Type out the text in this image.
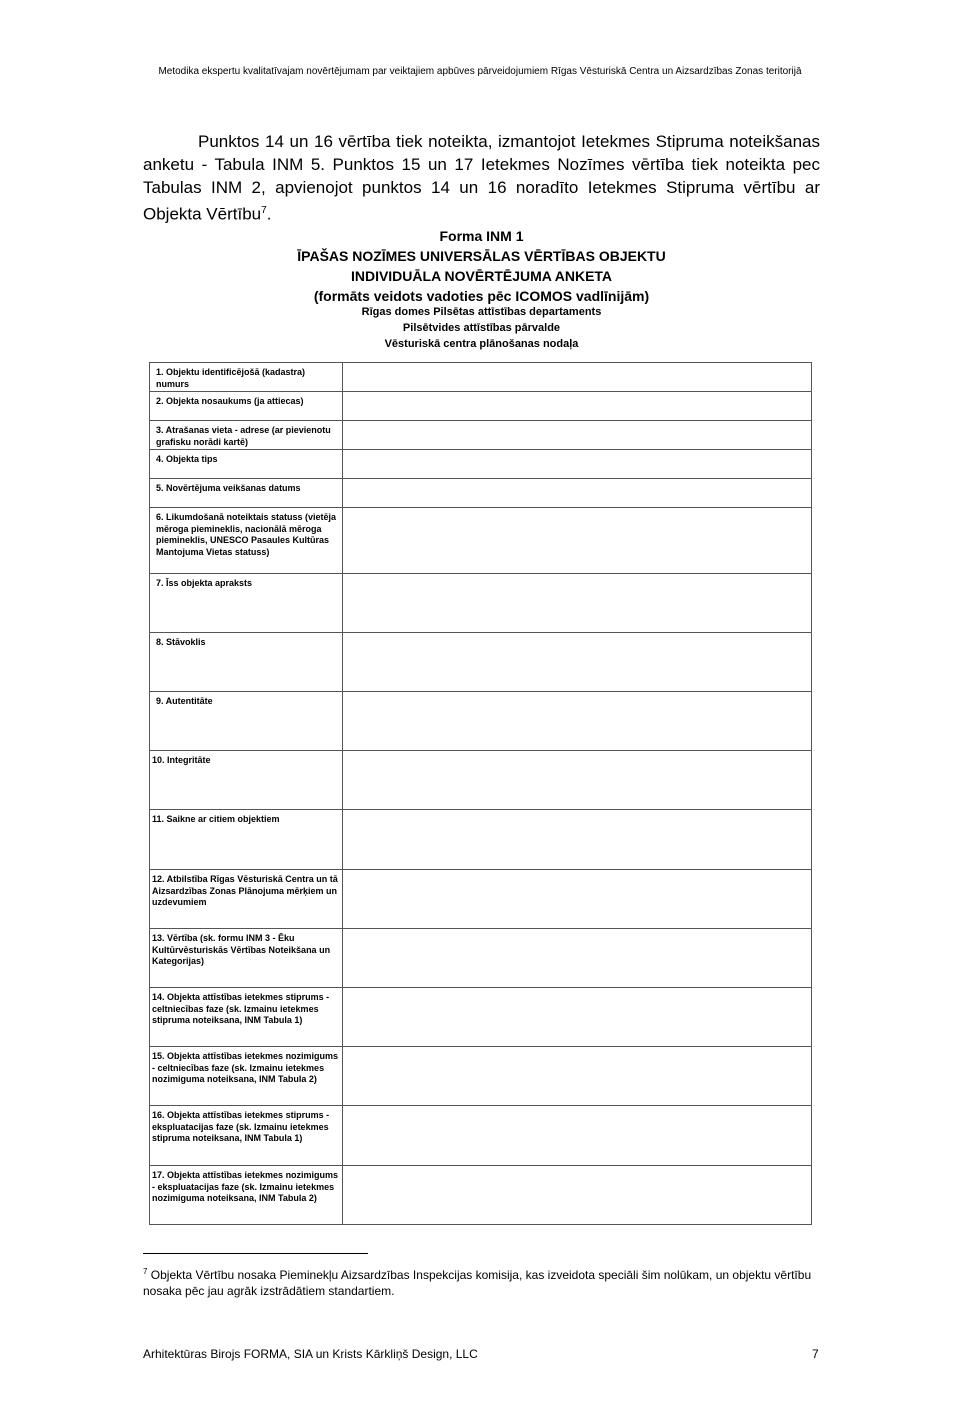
Metodika ekspertu kvalitatīvajam novērtējumam par veiktajiem apbūves pārveidojumiem Rīgas Vēsturiskā Centra un Aizsardzības Zonas teritorijā

Punktos 14 un 16 vērtība tiek noteikta, izmantojot Ietekmes Stipruma noteikšanas anketu - Tabula INM 5. Punktos 15 un 17 Ietekmes Nozīmes vērtība tiek noteikta pec Tabulas INM 2, apvienojot punktos 14 un 16 noradīto Ietekmes Stipruma vērtību ar Objekta Vērtību$^7$.

Forma INM 1
ĪPAŠAS NOZĪMES UNIVERSĀLAS VĒRTĪBAS OBJEKTU
INDIVIDUĀLA NOVĒRTĒJUMA ANKETA
(formāts veidots vadoties pēc ICOMOS vadlīnijām)
Rīgas domes Pilsētas attīstības departaments
Pilsētvides attīstības pārvalde
Vēsturiskā centra plānošanas nodaļa
1. Objektu identificējošā (kadastra) numurs	

2. Objekta nosaukums (ja attiecas)	

3. Atrašanas vieta - adrese (ar pievienotu grafisku norādi kartē)	

4. Objekta tips	

5. Novērtējuma veikšanas datums	

6. Likumdošanā noteiktais statuss (vietēja mēroga piemineklis, nacionālā mēroga piemineklis, UNESCO Pasaules Kultūras Mantojuma Vietas statuss)	

7. Īss objekta apraksts	

8. Stāvoklis	

9. Autentitāte	

10. Integritāte	

11. Saikne ar citiem objektiem	

12. Atbilstība Rīgas Vēsturiskā Centra un tā Aizsardzības Zonas Plānojuma mērķiem un uzdevumiem	

13. Vērtība (sk. formu INM 3 - Ēku Kultūrvēsturiskās Vērtības Noteikšana un Kategorijas)	

14. Objekta attīstības ietekmes stiprums - celtniecības faze (sk. Izmainu ietekmes stipruma noteiksana, INM Tabula 1)	

15. Objekta attīstības ietekmes nozimigums - celtniecības faze (sk. Izmainu ietekmes nozimiguma noteiksana, INM Tabula 2)	

16. Objekta attīstības ietekmes stiprums - ekspluatacijas faze (sk. Izmainu ietekmes stipruma noteiksana, INM Tabula 1)	

17. Objekta attīstības ietekmes nozimigums - ekspluatacijas faze (sk. Izmainu ietekmes nozimiguma noteiksana, INM Tabula 2)	

$^7$ Objekta Vērtību nosaka Pieminekļu Aizsardzības Inspekcijas komisija, kas izveidota speciāli šim nolūkam, un objektu vērtību nosaka pēc jau agrāk izstrādātiem standartiem.
Arhitektūras Birojs FORMA, SIA un Krists Kārkliņš Design, LLC	7
